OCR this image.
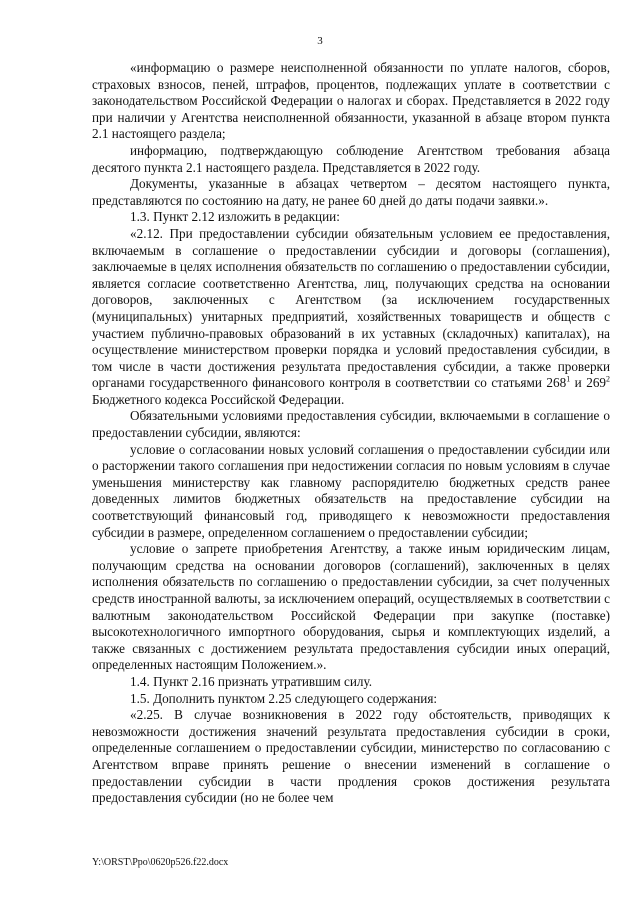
3

«информацию о размере неисполненной обязанности по уплате налогов, сборов, страховых взносов, пеней, штрафов, процентов, подлежащих уплате в соответствии с законодательством Российской Федерации о налогах и сборах. Представляется в 2022 году при наличии у Агентства неисполненной обязанности, указанной в абзаце втором пункта 2.1 настоящего раздела;

информацию, подтверждающую соблюдение Агентством требования абзаца десятого пункта 2.1 настоящего раздела. Представляется в 2022 году.

Документы, указанные в абзацах четвертом – десятом настоящего пункта, представляются по состоянию на дату, не ранее 60 дней до даты подачи заявки.».

1.3. Пункт 2.12 изложить в редакции:

«2.12. При предоставлении субсидии обязательным условием ее предоставления, включаемым в соглашение о предоставлении субсидии и договоры (соглашения), заключаемые в целях исполнения обязательств по соглашению о предоставлении субсидии, является согласие соответственно Агентства, лиц, получающих средства на основании договоров, заключенных с Агентством (за исключением государственных (муниципальных) унитарных предприятий, хозяйственных товариществ и обществ с участием публично-правовых образований в их уставных (складочных) капиталах), на осуществление министерством проверки порядка и условий предоставления субсидии, в том числе в части достижения результата предоставления субсидии, а также проверки органами государственного финансового контроля в соответствии со статьями $268^1$ и $269^2$ Бюджетного кодекса Российской Федерации.

Обязательными условиями предоставления субсидии, включаемыми в соглашение о предоставлении субсидии, являются:

условие о согласовании новых условий соглашения о предоставлении субсидии или о расторжении такого соглашения при недостижении согласия по новым условиям в случае уменьшения министерству как главному распорядителю бюджетных средств ранее доведенных лимитов бюджетных обязательств на предоставление субсидии на соответствующий финансовый год, приводящего к невозможности предоставления субсидии в размере, определенном соглашением о предоставлении субсидии;

условие о запрете приобретения Агентству, а также иным юридическим лицам, получающим средства на основании договоров (соглашений), заключенных в целях исполнения обязательств по соглашению о предоставлении субсидии, за счет полученных средств иностранной валюты, за исключением операций, осуществляемых в соответствии с валютным законодательством Российской Федерации при закупке (поставке) высокотехнологичного импортного оборудования, сырья и комплектующих изделий, а также связанных с достижением результата предоставления субсидии иных операций, определенных настоящим Положением.».

1.4. Пункт 2.16 признать утратившим силу.

1.5. Дополнить пунктом 2.25 следующего содержания:

«2.25. В случае возникновения в 2022 году обстоятельств, приводящих к невозможности достижения значений результата предоставления субсидии в сроки, определенные соглашением о предоставлении субсидии, министерство по согласованию с Агентством вправе принять решение о внесении изменений в соглашение о предоставлении субсидии в части продления сроков достижения результата предоставления субсидии (но не более чем

Y:\ORST\Ppo\0620p526.f22.docx
